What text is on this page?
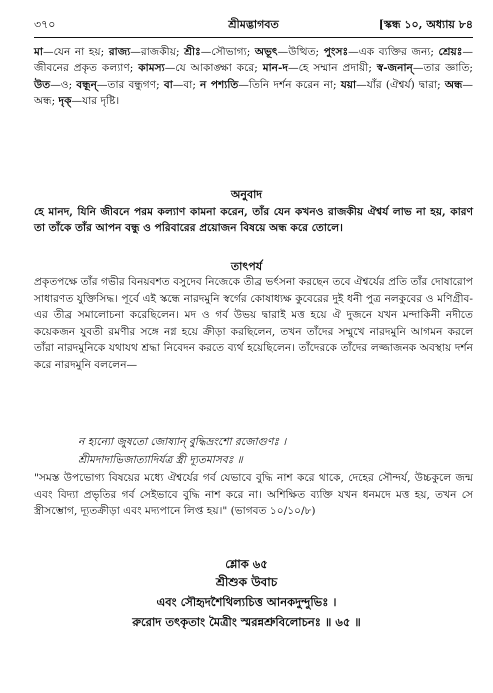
৩৭০	শ্রীমদ্ভাগবত	[স্কন্ধ ১০, অধ্যায় ৮৪
মা—যেন না হয়; রাজ্য—রাজকীয়; শ্রীঃ—সৌভাগ্য; অভূৎ—উত্থিত; পুংসঃ—এক ব্যক্তির জন্য; শ্রেয়ঃ—জীবনের প্রকৃত কল্যাণ; কামস্য—যে আকাঙ্ক্ষা করে; মান-দ—হে সম্মান প্রদায়ী; স্ব-জনান্—তার জ্ঞাতি; উত—ও; বন্ধূন্—তার বন্ধুগণ; বা—বা; ন পশ্যতি—তিনি দর্শন করেন না; যয়া—যাঁর (ঐশ্বর্য) দ্বারা; অন্ধ—অন্ধ; দৃক্—যার দৃষ্টি।
অনুবাদ
হে মানদ, যিনি জীবনে পরম কল্যাণ কামনা করেন, তাঁর যেন কখনও রাজকীয় ঐশ্বর্য লাভ না হয়, কারণ তা তাঁকে তাঁর আপন বন্ধু ও পরিবারের প্রয়োজন বিষয়ে অন্ধ করে তোলে।
তাৎপর্য
প্রকৃতপক্ষে তাঁর গভীর বিনয়বশত বসুদেব নিজেকে তীব্র ভর্ৎসনা করছেন তবে ঐশ্বর্যের প্রতি তাঁর দোষারোপ সাধারণত যুক্তিসিদ্ধ। পূর্বে এই স্কন্ধে নারদমুনি স্বর্গের কোষাধ্যক্ষ কুবেরের দুই ধনী পুত্র নলকুবের ও মণিগ্রীব-এর তীব্র সমালোচনা করেছিলেন। মদ ও গর্ব উভয় দ্বারাই মত্ত হয়ে ঐ দুজনে যখন মন্দাকিনী নদীতে কয়েকজন যুবতী রমণীর সঙ্গে নগ্ন হয়ে ক্রীড়া করছিলেন, তখন তাঁদের সম্মুখে নারদমুনি আগমন করলে তাঁরা নারদমুনিকে যথাযথ শ্রদ্ধা নিবেদন করতে ব্যর্থ হয়েছিলেন। তাঁদেরকে তাঁদের লজ্জাজনক অবস্থায় দর্শন করে নারদমুনি বললেন—
ন হ্যন্যো জুষতো জোষ্যান্ বুদ্ধিভ্রংশো রজোগুণঃ ।
শ্রীমদাদাভিজাত্যাদির্যত্র স্ত্রী দ্যূতমাসবঃ ॥
"সমস্ত উপভোগ্য বিষয়ের মধ্যে ঐশ্বর্যের গর্ব যেভাবে বুদ্ধি নাশ করে থাকে, দেহের সৌন্দর্য, উচ্চকুলে জন্ম এবং বিদ্যা প্রভৃতির গর্ব সেইভাবে বুদ্ধি নাশ করে না। অশিক্ষিত ব্যক্তি যখন ধনমদে মত্ত হয়, তখন সে স্ত্রীসম্ভোগ, দ্যূতক্রীড়া এবং মদ্যপানে লিপ্ত হয়।" (ভাগবত ১০/১০/৮)
শ্লোক ৬৫
শ্রীশুক উবাচ
এবং সৌহৃদশৈথিল্যচিত্ত আনকদুন্দুভিঃ ।
রুরোদ তৎকৃতাং মৈত্রীং স্মরন্নশ্রুবিলোচনঃ ॥ ৬৫ ॥
